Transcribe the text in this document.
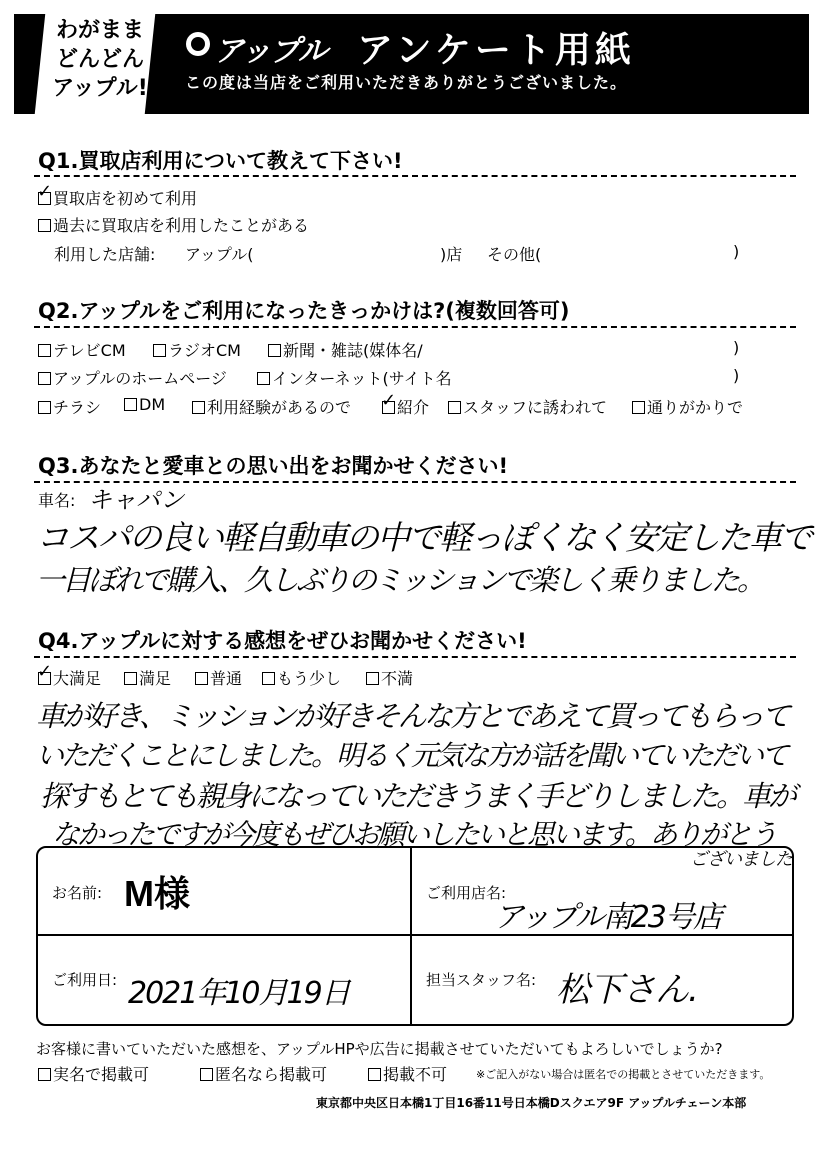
わがまま
どんどん
アップル!
アップル アンケート用紙
この度は当店をご利用いただきありがとうございました。
Q1.買取店利用について教えて下さい!
買取店を初めて利用
✓
過去に買取店を利用したことがある
利用した店舗: アップル(	)店 その他(	)
Q2.アップルをご利用になったきっかけは?(複数回答可)
テレビCM	ラジオCM	新聞・雑誌(媒体名/	)
アップルのホームページ	インターネット(サイト名	)
チラシ	DM	利用経験があるので	紹介
✓	スタッフに誘われて	通りがかりで
Q3.あなたと愛車との思い出をお聞かせください!
車名: キャパン
コスパの良い軽自動車の中で軽っぽくなく安定した車で
一目ぼれで購入、久しぶりのミッションで楽しく乗りました。
Q4.アップルに対する感想をぜひお聞かせください!
大満足
✓	満足	普通	もう少し	不満
車が好き、ミッションが好きそんな方とであえて買ってもらって
いただくことにしました。明るく元気な方が話を聞いていただいて
探すもとても親身になっていただきうまく手どりしました。車が
なかったですが今度もぜひお願いしたいと思います。ありがとう
ございました
お名前: M様	ご利用店名:
アップル南23号店
ご利用日: 2021年10月19日	担当スタッフ名: 松下さん.
お客様に書いていただいた感想を、アップルHPや広告に掲載させていただいてもよろしいでしょうか?
実名で掲載可	匿名なら掲載可	掲載不可	※ご記入がない場合は匿名での掲載とさせていただきます。
東京都中央区日本橋1丁目16番11号日本橋Dスクエア9F アップルチェーン本部
